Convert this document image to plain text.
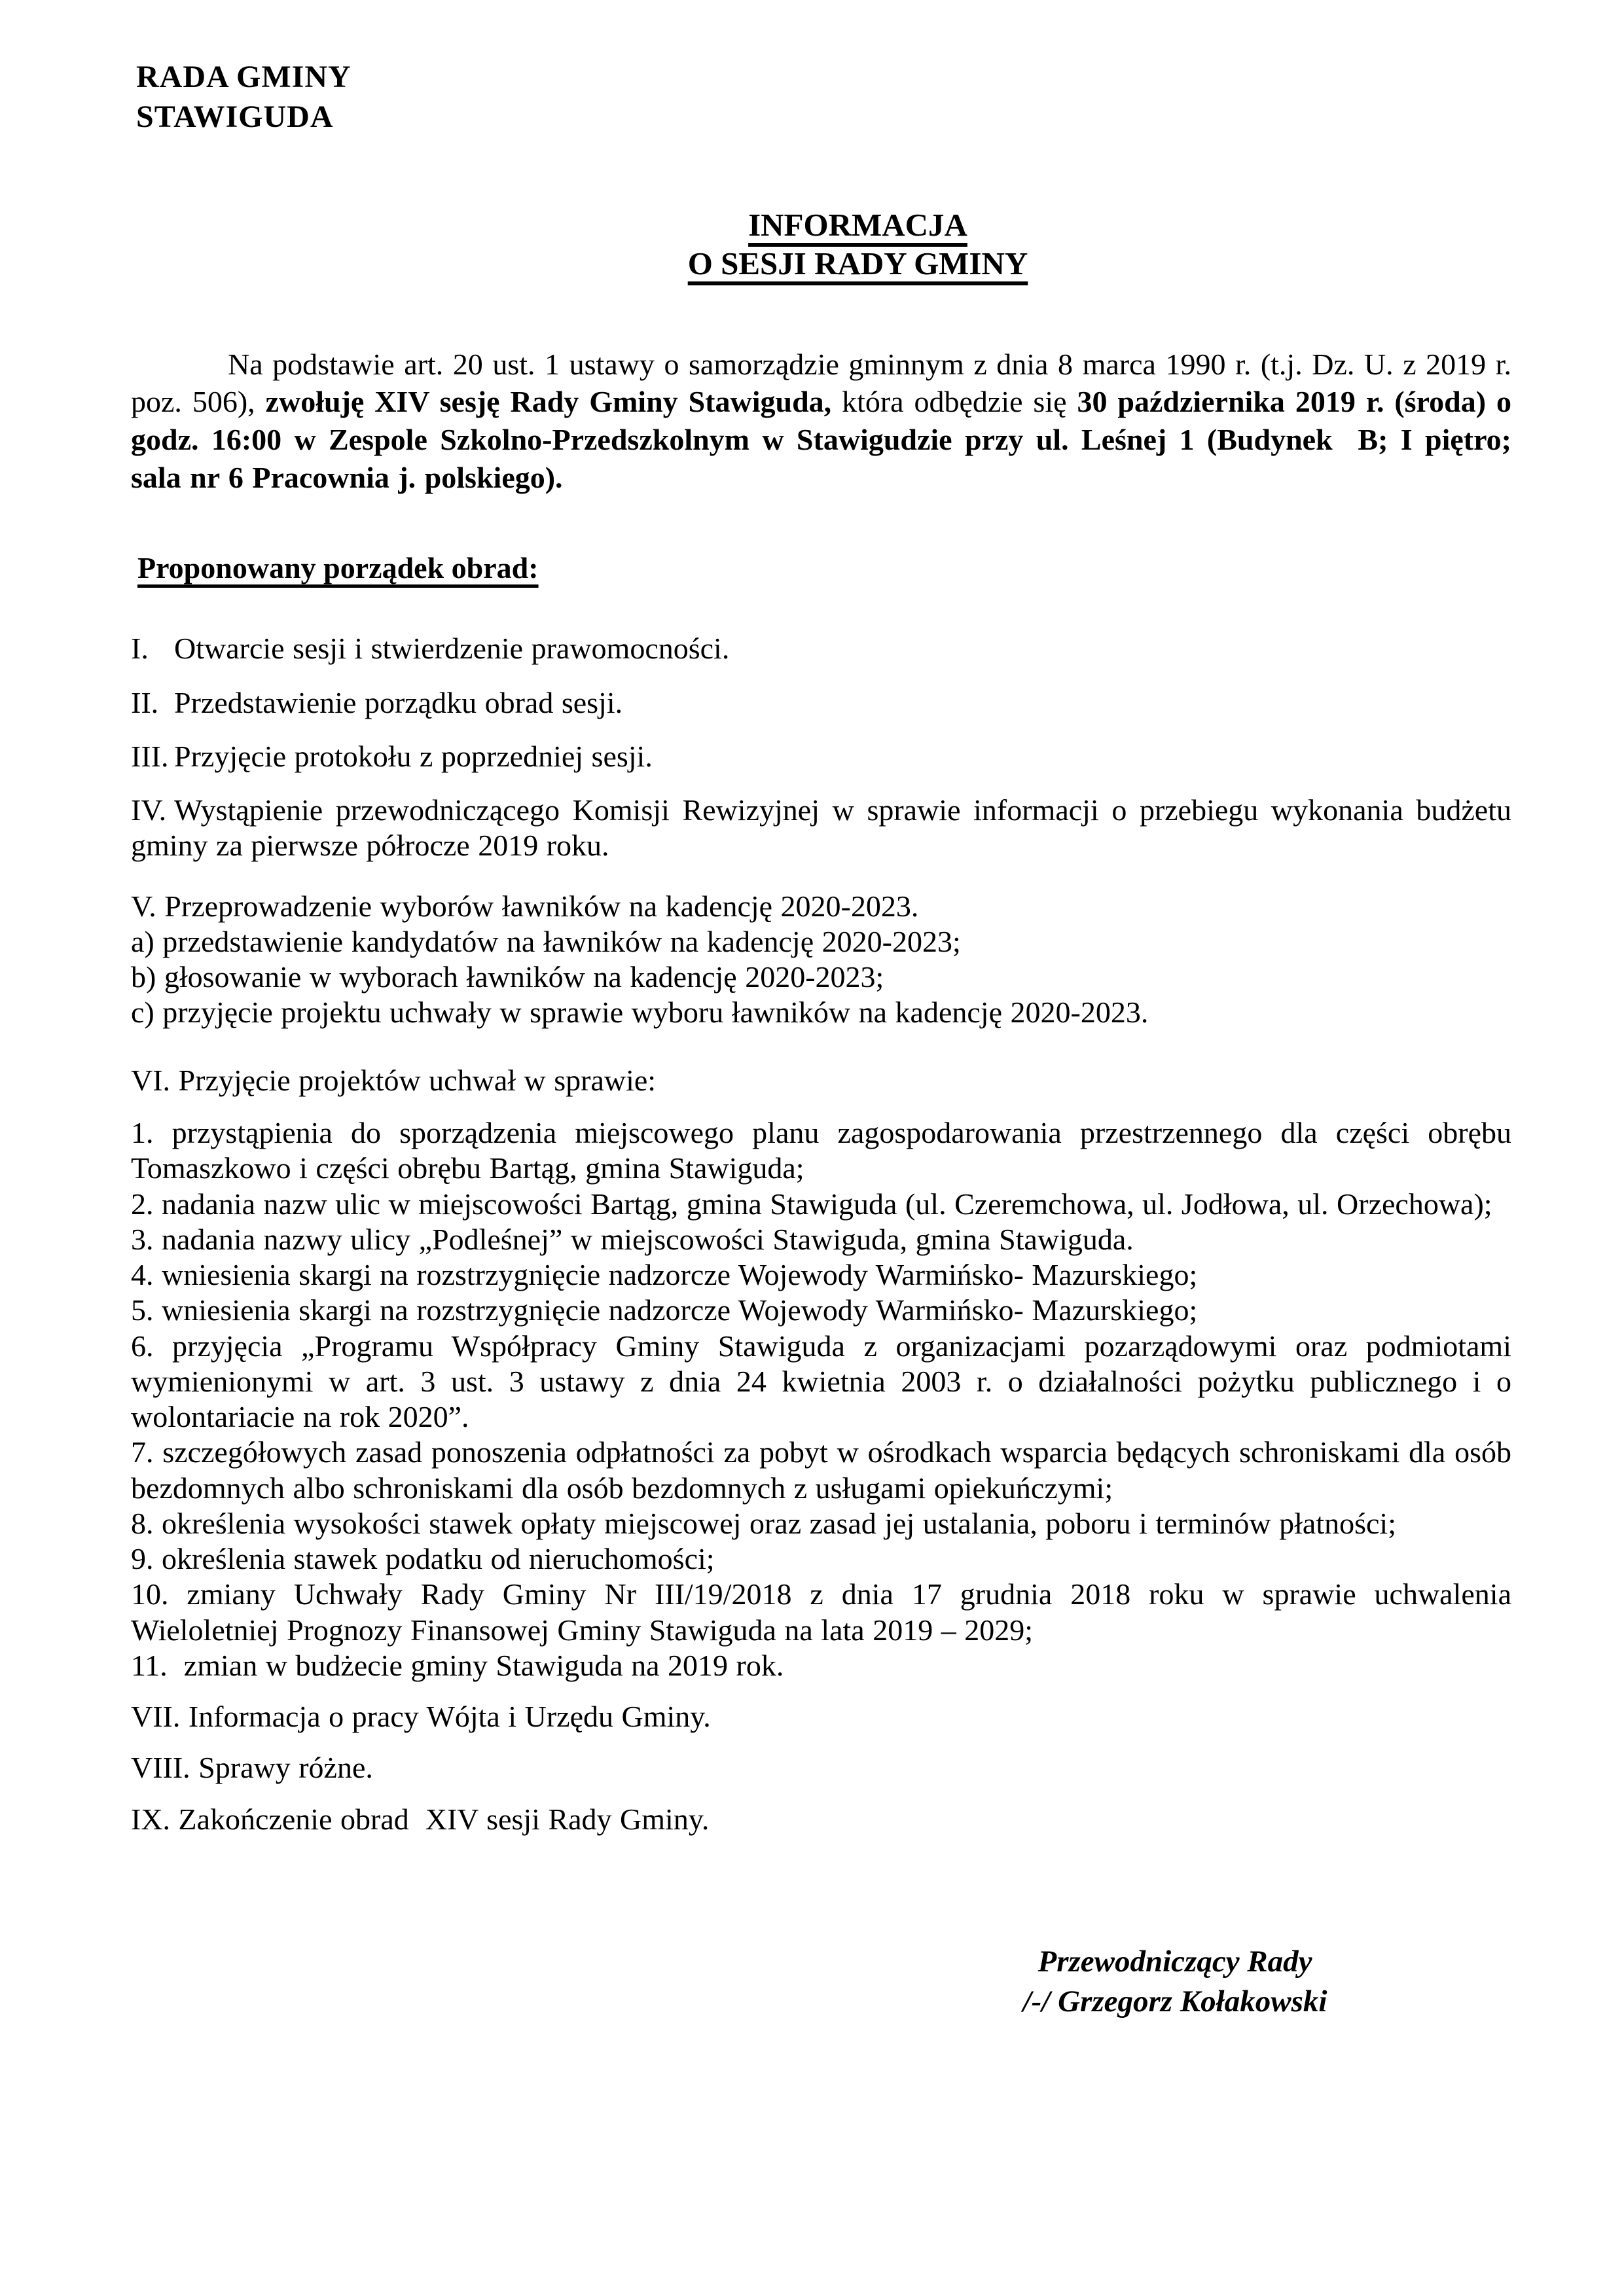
RADA GMINY
STAWIGUDA
INFORMACJA
O SESJI RADY GMINY

Na podstawie art. 20 ust. 1 ustawy o samorządzie gminnym z dnia 8 marca 1990 r. (t.j. Dz. U. z 2019 r. poz. 506), zwołuję XIV sesję Rady Gminy Stawiguda, która odbędzie się 30 października 2019 r. (środa) o godz. 16:00 w Zespole Szkolno-Przedszkolnym w Stawigudzie przy ul. Leśnej 1 (Budynek  B; I piętro; sala nr 6 Pracownia j. polskiego).

Proponowany porządek obrad:

I. Otwarcie sesji i stwierdzenie prawomocności.

II. Przedstawienie porządku obrad sesji.

III. Przyjęcie protokołu z poprzedniej sesji.

IV. Wystąpienie przewodniczącego Komisji Rewizyjnej w sprawie informacji o przebiegu wykonania budżetu gminy za pierwsze półrocze 2019 roku.

V. Przeprowadzenie wyborów ławników na kadencję 2020-2023.

a) przedstawienie kandydatów na ławników na kadencję 2020-2023;

b) głosowanie w wyborach ławników na kadencję 2020-2023;

c) przyjęcie projektu uchwały w sprawie wyboru ławników na kadencję 2020-2023.

VI. Przyjęcie projektów uchwał w sprawie:

1. przystąpienia do sporządzenia miejscowego planu zagospodarowania przestrzennego dla części obrębu Tomaszkowo i części obrębu Bartąg, gmina Stawiguda;

2. nadania nazw ulic w miejscowości Bartąg, gmina Stawiguda (ul. Czeremchowa, ul. Jodłowa, ul. Orzechowa);

3. nadania nazwy ulicy „Podleśnej” w miejscowości Stawiguda, gmina Stawiguda.

4. wniesienia skargi na rozstrzygnięcie nadzorcze Wojewody Warmińsko- Mazurskiego;

5. wniesienia skargi na rozstrzygnięcie nadzorcze Wojewody Warmińsko- Mazurskiego;

6. przyjęcia „Programu Współpracy Gminy Stawiguda z organizacjami pozarządowymi oraz podmiotami wymienionymi w art. 3 ust. 3 ustawy z dnia 24 kwietnia 2003 r. o działalności pożytku publicznego i o wolontariacie na rok 2020”.

7. szczegółowych zasad ponoszenia odpłatności za pobyt w ośrodkach wsparcia będących schroniskami dla osób bezdomnych albo schroniskami dla osób bezdomnych z usługami opiekuńczymi;

8. określenia wysokości stawek opłaty miejscowej oraz zasad jej ustalania, poboru i terminów płatności;

9. określenia stawek podatku od nieruchomości;

10. zmiany Uchwały Rady Gminy Nr III/19/2018 z dnia 17 grudnia 2018 roku w sprawie uchwalenia Wieloletniej Prognozy Finansowej Gminy Stawiguda na lata 2019 – 2029;

11.  zmian w budżecie gminy Stawiguda na 2019 rok.

VII. Informacja o pracy Wójta i Urzędu Gminy.

VIII. Sprawy różne.

IX. Zakończenie obrad  XIV sesji Rady Gminy.

Przewodniczący Rady
/-/ Grzegorz Kołakowski
